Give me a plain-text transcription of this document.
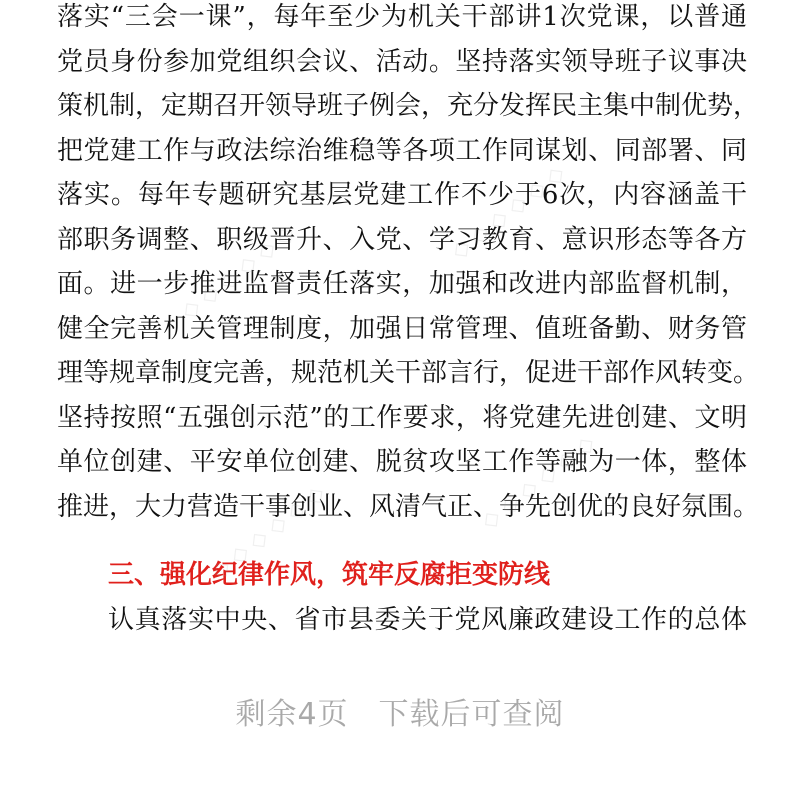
落实“三会一课”，每年至少为机关干部讲1次党课，以普通
党员身份参加党组织会议、活动。坚持落实领导班子议事决
策机制，定期召开领导班子例会，充分发挥民主集中制优势，
把党建工作与政法综治维稳等各项工作同谋划、同部署、同
落实。每年专题研究基层党建工作不少于6次，内容涵盖干
部职务调整、职级晋升、入党、学习教育、意识形态等各方
面。进一步推进监督责任落实，加强和改进内部监督机制，
健全完善机关管理制度，加强日常管理、值班备勤、财务管
理等规章制度完善，规范机关干部言行，促进干部作风转变。
坚持按照“五强创示范”的工作要求，将党建先进创建、文明
单位创建、平安单位创建、脱贫攻坚工作等融为一体，整体
推进，大力营造干事创业、风清气正、争先创优的良好氛围。
三、强化纪律作风，筑牢反腐拒变防线
认真落实中央、省市县委关于党风廉政建设工作的总体
◇ ◇ ◇ ◇ ◇ ◇
◇ ◇ ◇ ◇ ◇ ◇
◇ ◇ ◇ ◇ ◇ ◇	◇ ◇ ◇ ◇ ◇ ◇
剩余4页 下载后可查阅
